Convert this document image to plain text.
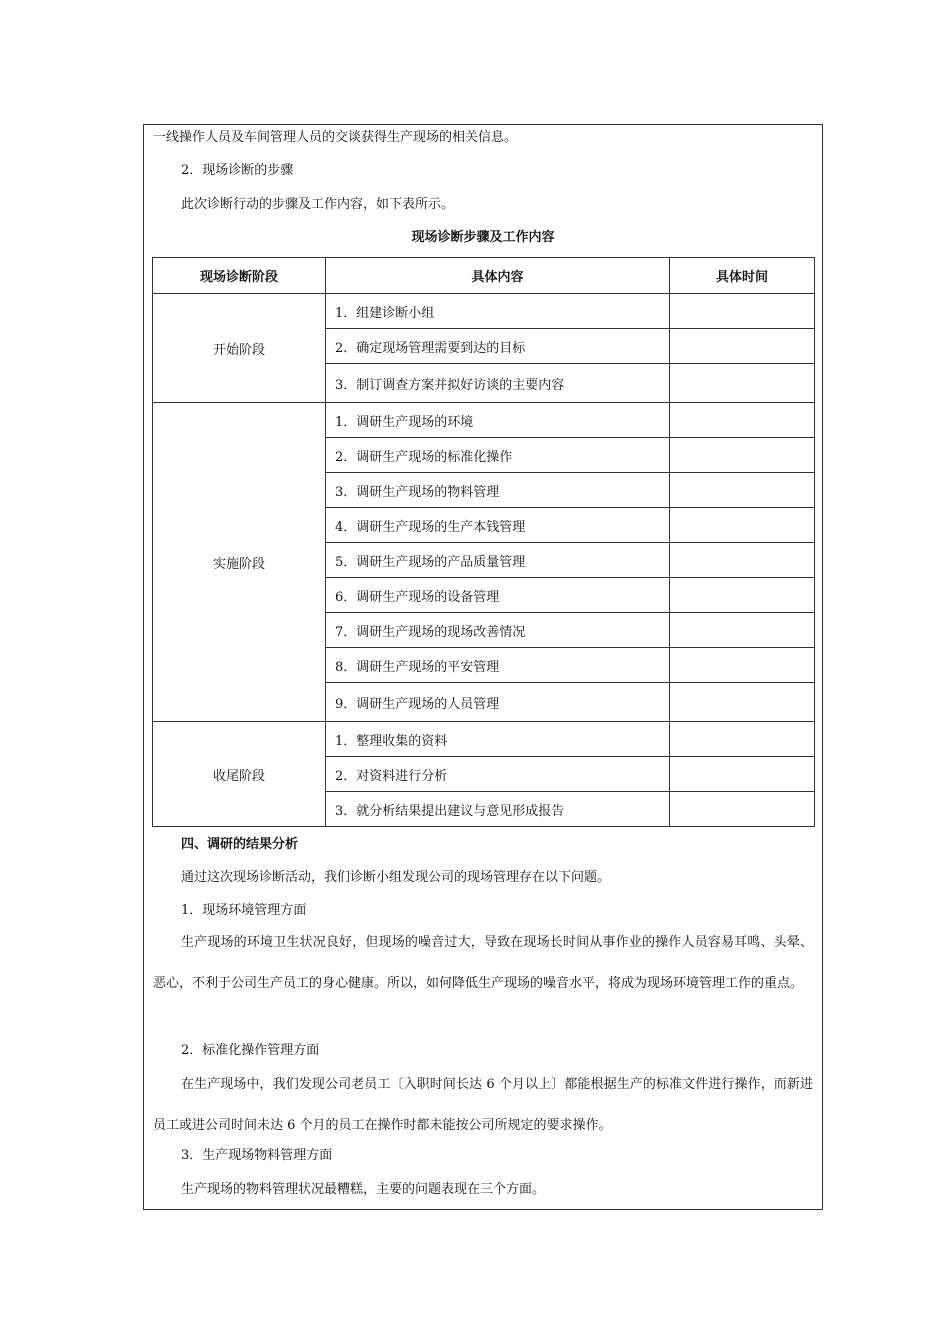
一线操作人员及车间管理人员的交谈获得生产现场的相关信息。
2．现场诊断的步骤
此次诊断行动的步骤及工作内容，如下表所示。
现场诊断步骤及工作内容
现场诊断阶段	具体内容	具体时间
开始阶段	1．组建诊断小组	
	2．确定现场管理需要到达的目标	
	3．制订调查方案并拟好访谈的主要内容	
实施阶段	1．调研生产现场的环境	
	2．调研生产现场的标准化操作	
	3．调研生产现场的物料管理	
	4．调研生产现场的生产本钱管理	
	5．调研生产现场的产品质量管理	
	6．调研生产现场的设备管理	
	7．调研生产现场的现场改善情况	
	8．调研生产现场的平安管理	
	9．调研生产现场的人员管理	
收尾阶段	1．整理收集的资料	
	2．对资料进行分析	
	3．就分析结果提出建议与意见形成报告	
四、调研的结果分析
通过这次现场诊断活动，我们诊断小组发现公司的现场管理存在以下问题。
1．现场环境管理方面
生产现场的环境卫生状况良好，但现场的噪音过大，导致在现场长时间从事作业的操作人员容易耳鸣、头晕、恶心，不利于公司生产员工的身心健康。所以，如何降低生产现场的噪音水平，将成为现场环境管理工作的重点。
2．标准化操作管理方面
在生产现场中，我们发现公司老员工〔入职时间长达 6 个月以上〕都能根据生产的标准文件进行操作，而新进员工或进公司时间未达 6 个月的员工在操作时都未能按公司所规定的要求操作。
3．生产现场物料管理方面
生产现场的物料管理状况最糟糕，主要的问题表现在三个方面。
